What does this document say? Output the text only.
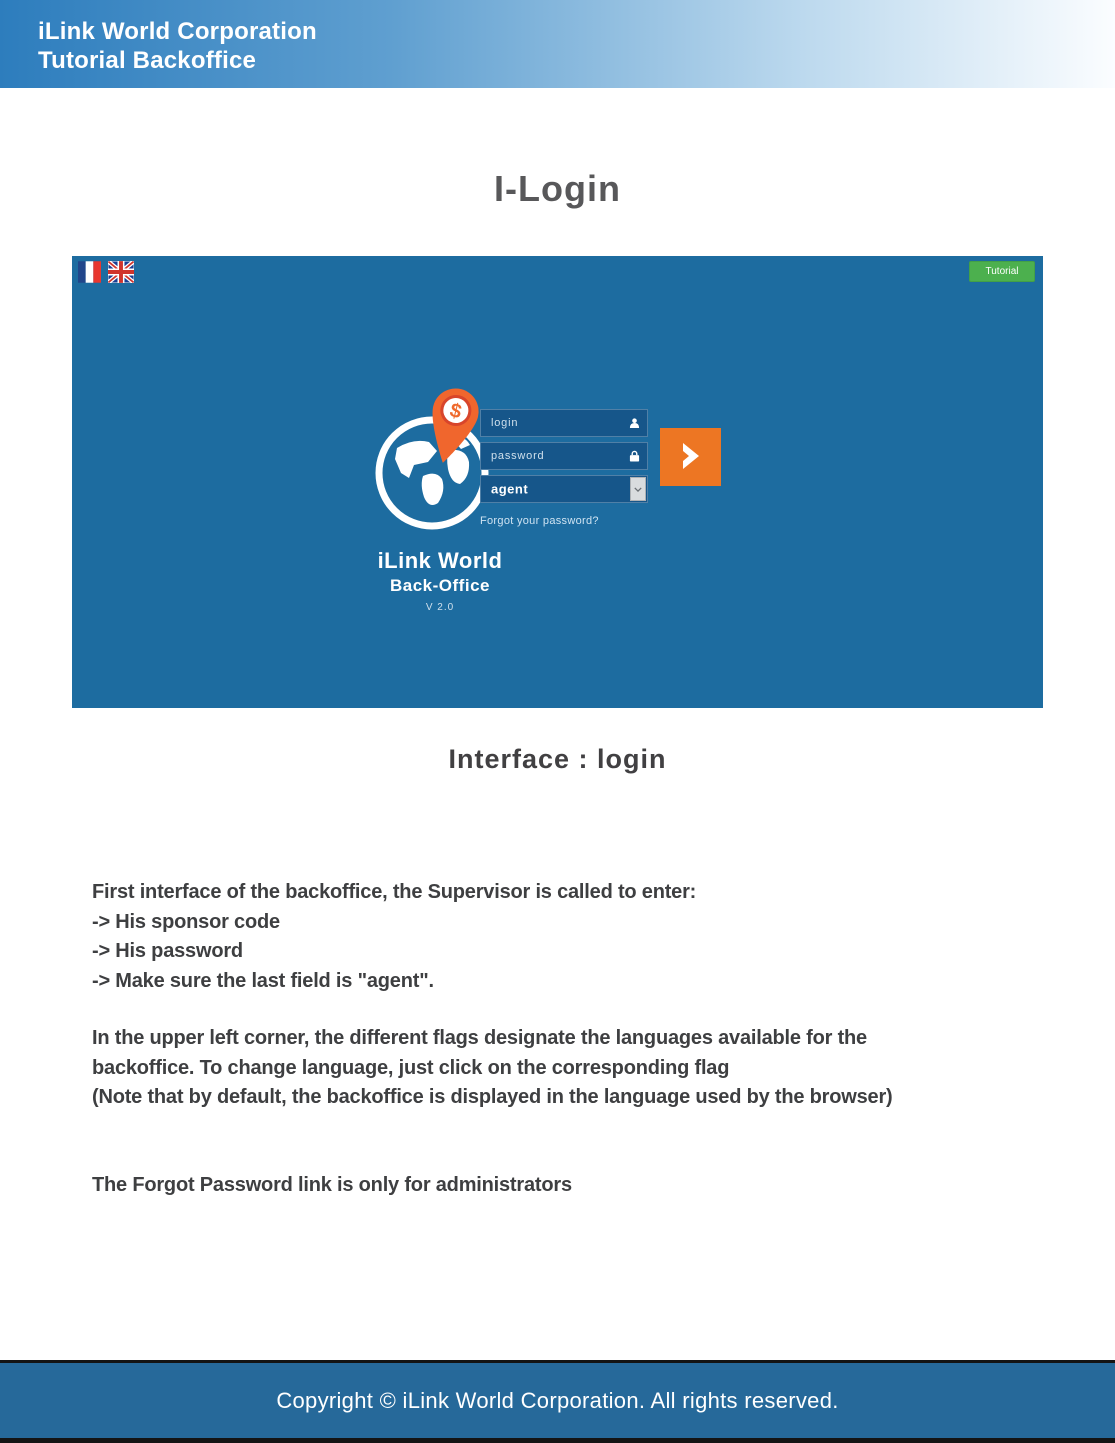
iLink World Corporation
Tutorial Backoffice
I-Login
Tutorial
$
iLink World
Back-Office
V 2.0
login
agent
Forgot your password?
Interface : login
First interface of the backoffice, the Supervisor is called to enter:
-> His sponsor code
-> His password
-> Make sure the last field is "agent".
In the upper left corner, the different flags designate the languages available for the backoffice. To change language, just click on the corresponding flag
(Note that by default, the backoffice is displayed in the language used by the browser)
The Forgot Password link is only for administrators
Copyright © iLink World Corporation. All rights reserved.
